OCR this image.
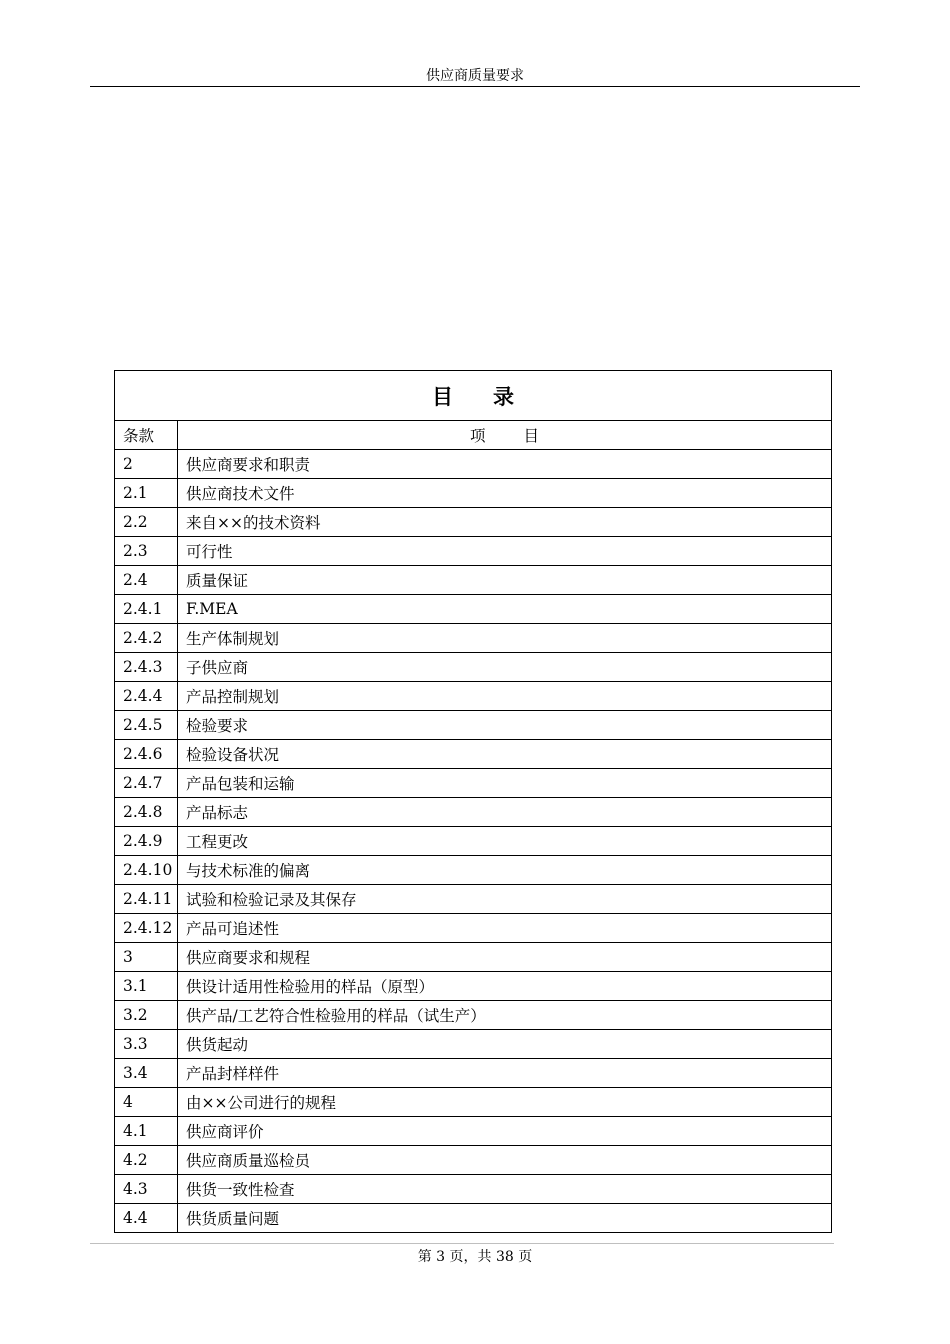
供应商质量要求
目录	
条款	项目
2	供应商要求和职责
2.1	供应商技术文件
2.2	来自××的技术资料
2.3	可行性
2.4	质量保证
2.4.1	F.MEA
2.4.2	生产体制规划
2.4.3	子供应商
2.4.4	产品控制规划
2.4.5	检验要求
2.4.6	检验设备状况
2.4.7	产品包装和运输
2.4.8	产品标志
2.4.9	工程更改
2.4.10	与技术标准的偏离
2.4.11	试验和检验记录及其保存
2.4.12	产品可追述性
3	供应商要求和规程
3.1	供设计适用性检验用的样品（原型）
3.2	供产品/工艺符合性检验用的样品（试生产）
3.3	供货起动
3.4	产品封样样件
4	由××公司进行的规程
4.1	供应商评价
4.2	供应商质量巡检员
4.3	供货一致性检查
4.4	供货质量问题
第 3 页，共 38 页
